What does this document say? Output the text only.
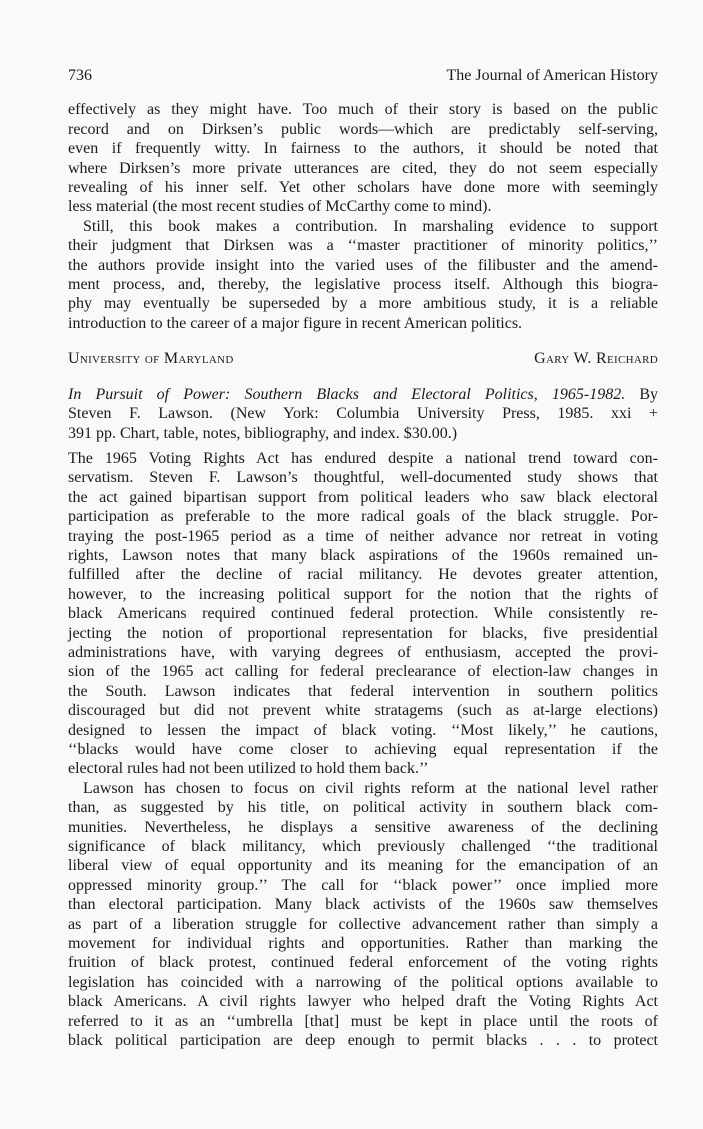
736	The Journal of American History
effectively as they might have. Too much of their story is based on the public
record and on Dirksen’s public words—which are predictably self-serving,
even if frequently witty. In fairness to the authors, it should be noted that
where Dirksen’s more private utterances are cited, they do not seem especially
revealing of his inner self. Yet other scholars have done more with seemingly
less material (the most recent studies of McCarthy come to mind).
Still, this book makes a contribution. In marshaling evidence to support
their judgment that Dirksen was a ‘‘master practitioner of minority politics,’’
the authors provide insight into the varied uses of the filibuster and the amend-
ment process, and, thereby, the legislative process itself. Although this biogra-
phy may eventually be superseded by a more ambitious study, it is a reliable
introduction to the career of a major figure in recent American politics.
University of Maryland	Gary W. Reichard
In Pursuit of Power: Southern Blacks and Electoral Politics, 1965-1982. By
Steven F. Lawson. (New York: Columbia University Press, 1985. xxi +
391 pp. Chart, table, notes, bibliography, and index. $30.00.)
The 1965 Voting Rights Act has endured despite a national trend toward con-
servatism. Steven F. Lawson’s thoughtful, well-documented study shows that
the act gained bipartisan support from political leaders who saw black electoral
participation as preferable to the more radical goals of the black struggle. Por-
traying the post-1965 period as a time of neither advance nor retreat in voting
rights, Lawson notes that many black aspirations of the 1960s remained un-
fulfilled after the decline of racial militancy. He devotes greater attention,
however, to the increasing political support for the notion that the rights of
black Americans required continued federal protection. While consistently re-
jecting the notion of proportional representation for blacks, five presidential
administrations have, with varying degrees of enthusiasm, accepted the provi-
sion of the 1965 act calling for federal preclearance of election-law changes in
the South. Lawson indicates that federal intervention in southern politics
discouraged but did not prevent white stratagems (such as at-large elections)
designed to lessen the impact of black voting. ‘‘Most likely,’’ he cautions,
‘‘blacks would have come closer to achieving equal representation if the
electoral rules had not been utilized to hold them back.’’
Lawson has chosen to focus on civil rights reform at the national level rather
than, as suggested by his title, on political activity in southern black com-
munities. Nevertheless, he displays a sensitive awareness of the declining
significance of black militancy, which previously challenged ‘‘the traditional
liberal view of equal opportunity and its meaning for the emancipation of an
oppressed minority group.’’ The call for ‘‘black power’’ once implied more
than electoral participation. Many black activists of the 1960s saw themselves
as part of a liberation struggle for collective advancement rather than simply a
movement for individual rights and opportunities. Rather than marking the
fruition of black protest, continued federal enforcement of the voting rights
legislation has coincided with a narrowing of the political options available to
black Americans. A civil rights lawyer who helped draft the Voting Rights Act
referred to it as an ‘‘umbrella [that] must be kept in place until the roots of
black political participation are deep enough to permit blacks . . . to protect
